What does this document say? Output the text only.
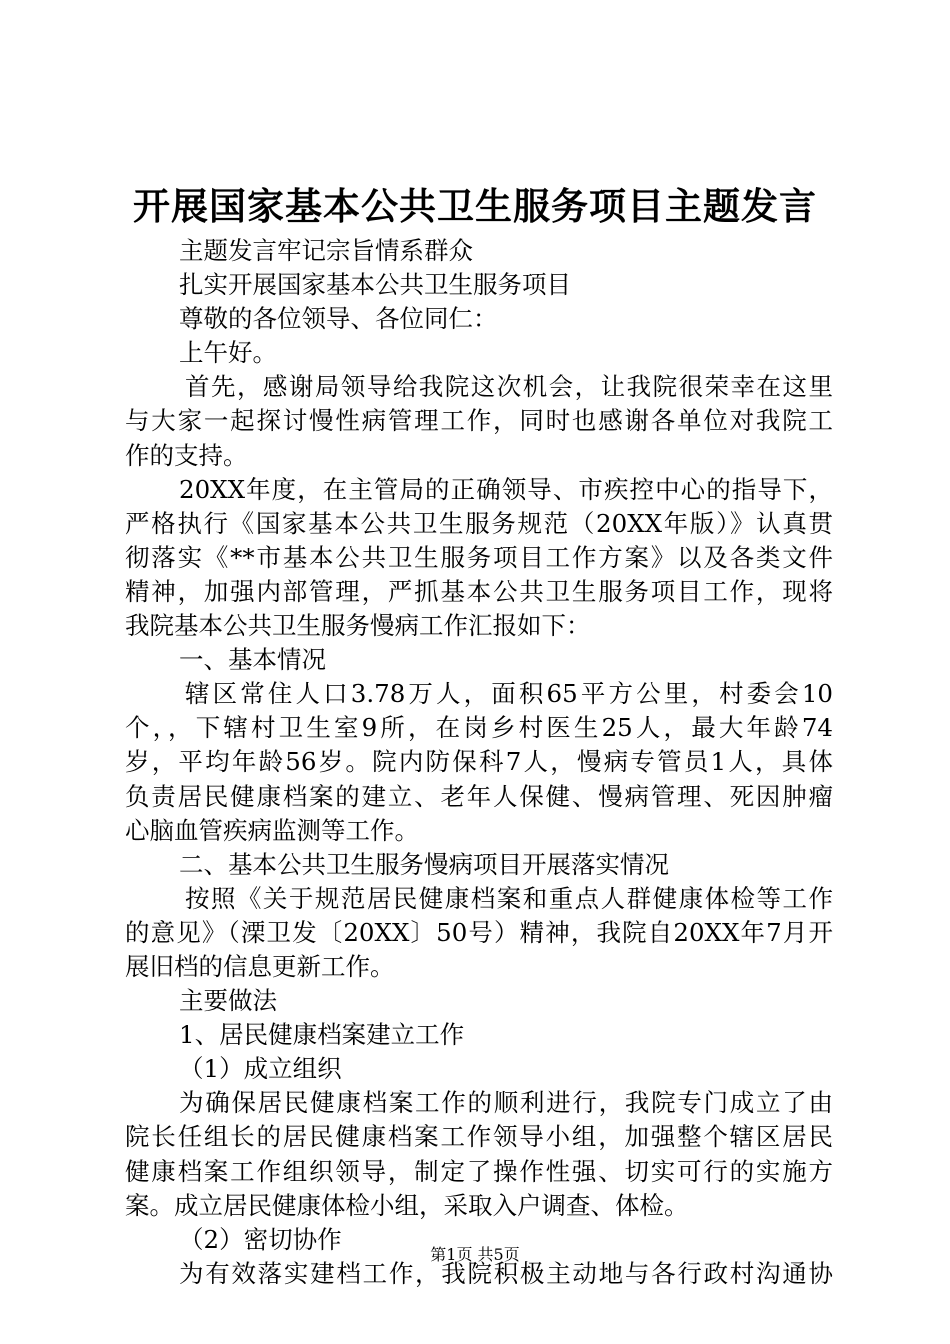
开展国家基本公共卫生服务项目主题发言
主题发言牢记宗旨情系群众
扎实开展国家基本公共卫生服务项目
尊敬的各位领导、各位同仁：
上午好。
首先，感谢局领导给我院这次机会，让我院很荣幸在这里
与大家一起探讨慢性病管理工作，同时也感谢各单位对我院工
作的支持。
20XX年度，在主管局的正确领导、市疾控中心的指导下，
严格执行《国家基本公共卫生服务规范（20XX年版）》认真贯
彻落实《**市基本公共卫生服务项目工作方案》以及各类文件
精神，加强内部管理，严抓基本公共卫生服务项目工作，现将
我院基本公共卫生服务慢病工作汇报如下：
一、基本情况
辖区常住人口3.78万人，面积65平方公里，村委会10
个，，下辖村卫生室9所，在岗乡村医生25人，最大年龄74
岁，平均年龄56岁。院内防保科7人，慢病专管员1人，具体
负责居民健康档案的建立、老年人保健、慢病管理、死因肿瘤
心脑血管疾病监测等工作。
二、基本公共卫生服务慢病项目开展落实情况
按照《关于规范居民健康档案和重点人群健康体检等工作
的意见》（溧卫发〔20XX〕50号）精神，我院自20XX年7月开
展旧档的信息更新工作。
主要做法
1、居民健康档案建立工作
（1）成立组织
为确保居民健康档案工作的顺利进行，我院专门成立了由
院长任组长的居民健康档案工作领导小组，加强整个辖区居民
健康档案工作组织领导，制定了操作性强、切实可行的实施方
案。成立居民健康体检小组，采取入户调查、体检。
（2）密切协作
为有效落实建档工作，我院积极主动地与各行政村沟通协
第1页 共5页
